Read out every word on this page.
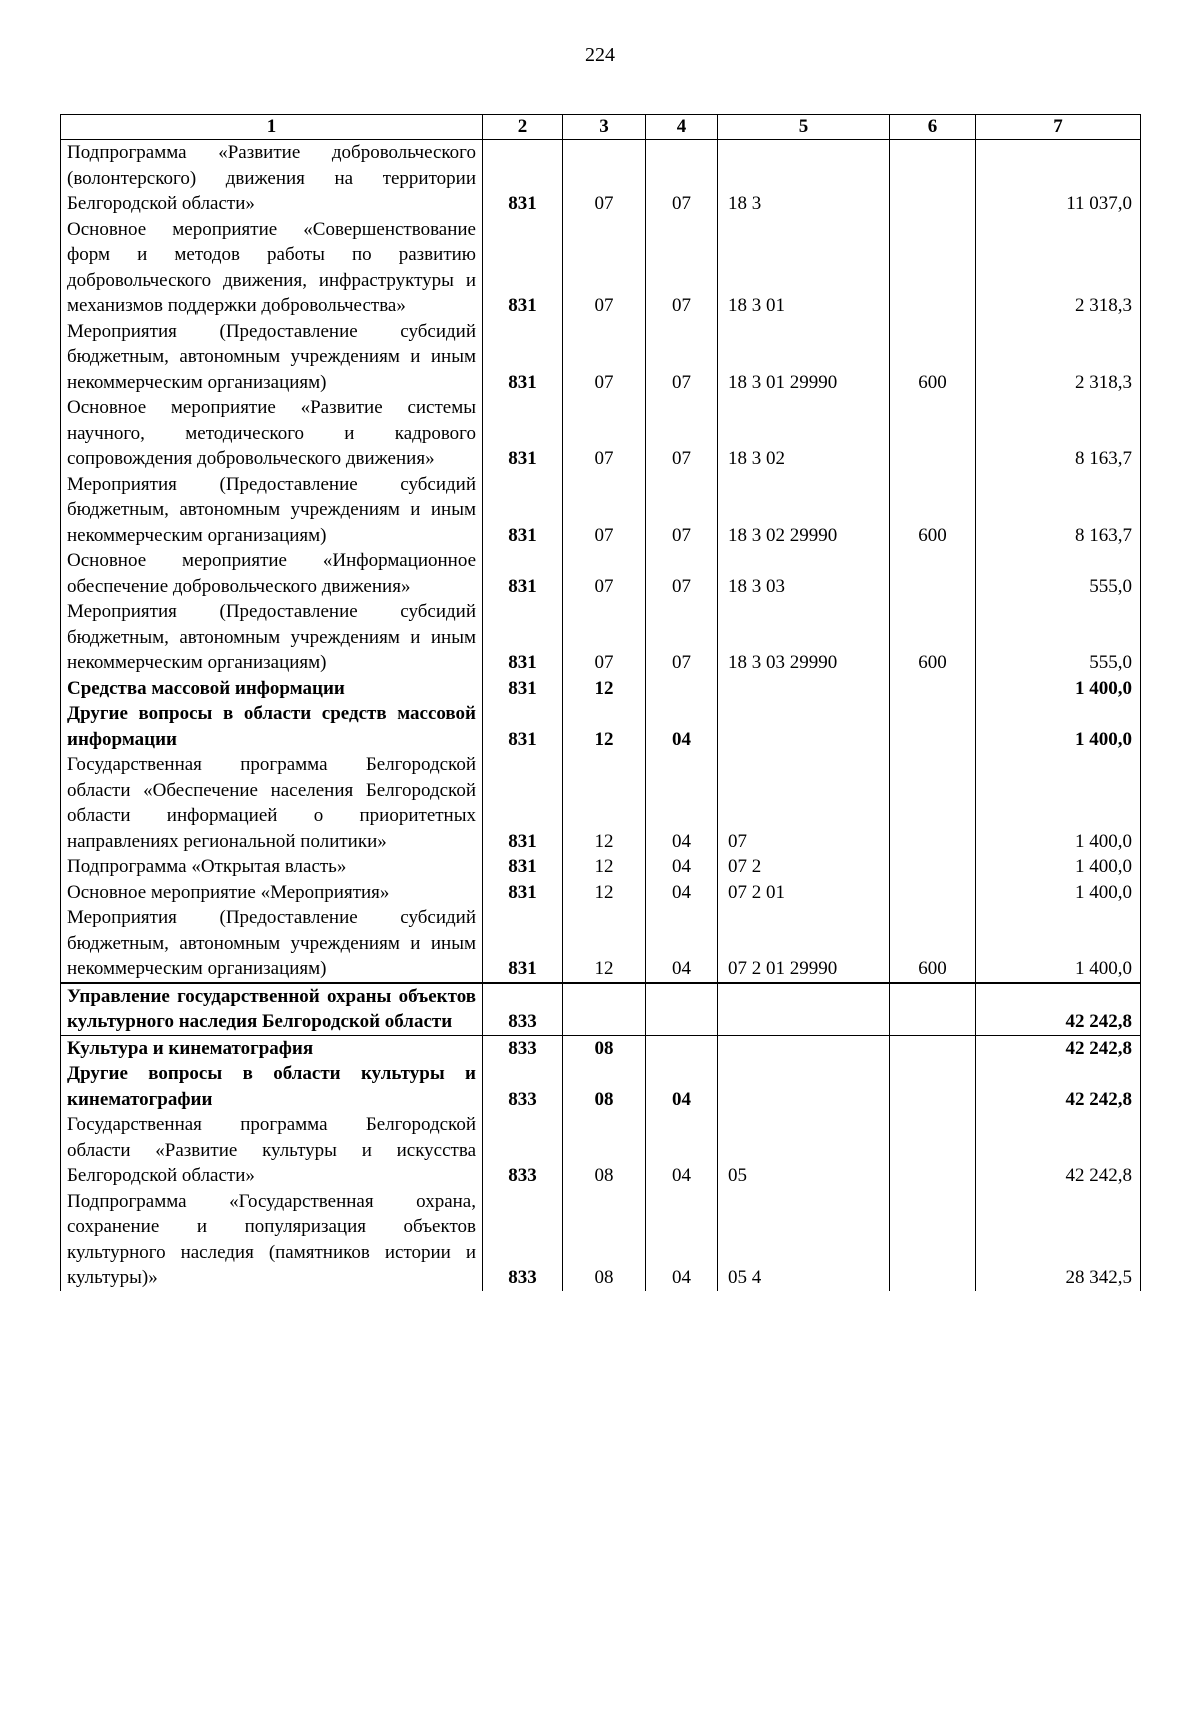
224
1	2	3	4	5	6	7
Подпрограмма «Развитие добровольческого (волонтерского) движения на территории Белгородской области»	831	07	07	18 3		11 037,0
Основное мероприятие «Совершенствование форм и методов работы по развитию добровольческого движения, инфраструктуры и механизмов поддержки добровольчества»	831	07	07	18 3 01		2 318,3
Мероприятия (Предоставление субсидий бюджетным, автономным учреждениям и иным некоммерческим организациям)	831	07	07	18 3 01 29990	600	2 318,3
Основное мероприятие «Развитие системы научного, методического и кадрового сопровождения добровольческого движения»	831	07	07	18 3 02		8 163,7
Мероприятия (Предоставление субсидий бюджетным, автономным учреждениям и иным некоммерческим организациям)	831	07	07	18 3 02 29990	600	8 163,7
Основное мероприятие «Информационное обеспечение добровольческого движения»	831	07	07	18 3 03		555,0
Мероприятия (Предоставление субсидий бюджетным, автономным учреждениям и иным некоммерческим организациям)	831	07	07	18 3 03 29990	600	555,0
Средства массовой информации	831	12				1 400,0
Другие вопросы в области средств массовой информации	831	12	04			1 400,0
Государственная программа Белгородской области «Обеспечение населения Белгородской области информацией о приоритетных направлениях региональной политики»	831	12	04	07		1 400,0
Подпрограмма «Открытая власть»	831	12	04	07 2		1 400,0
Основное мероприятие «Мероприятия»	831	12	04	07 2 01		1 400,0
Мероприятия (Предоставление субсидий бюджетным, автономным учреждениям и иным некоммерческим организациям)	831	12	04	07 2 01 29990	600	1 400,0
Управление государственной охраны объектов культурного наследия Белгородской области	833					42 242,8
Культура и кинематография	833	08				42 242,8
Другие вопросы в области культуры и кинематографии	833	08	04			42 242,8
Государственная программа Белгородской области «Развитие культуры и искусства Белгородской области»	833	08	04	05		42 242,8
Подпрограмма «Государственная охрана, сохранение и популяризация объектов культурного наследия (памятников истории и культуры)»	833	08	04	05 4		28 342,5
